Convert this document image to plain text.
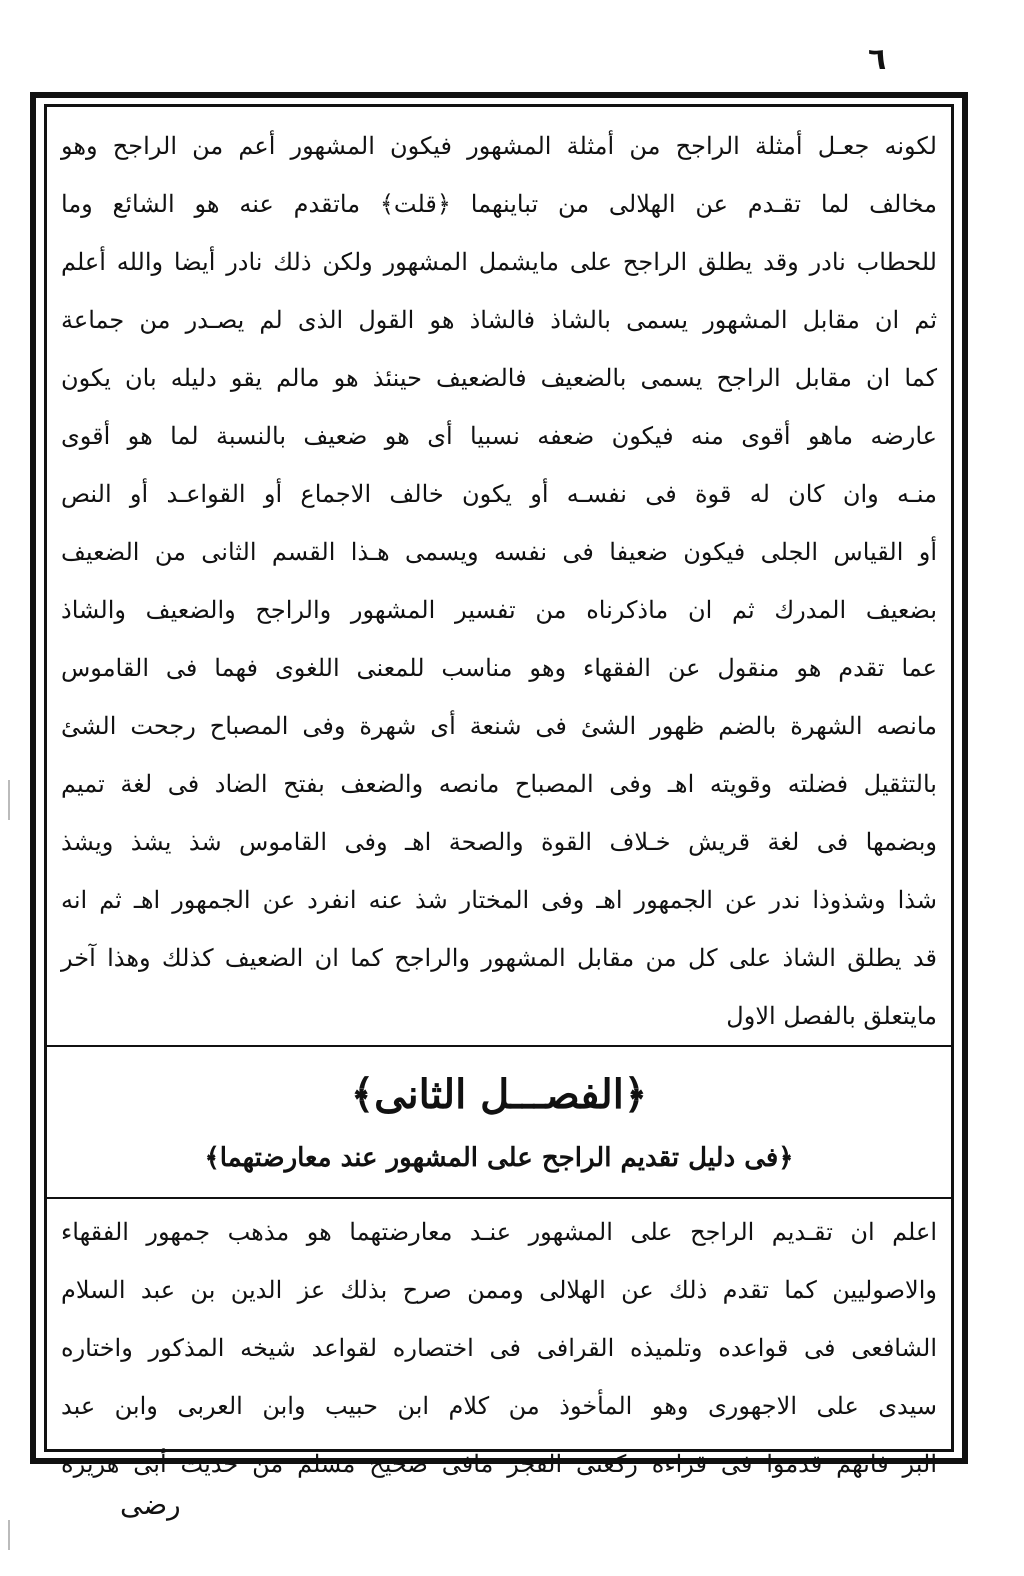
٦
لكونه جعـل أمثلة الراجح من أمثلة المشهور فيكون المشهور أعم من الراجح وهو
مخالف لما تقـدم عن الهلالى من تباينهما ﴿قلت﴾ ماتقدم عنه هو الشائع وما
للحطاب نادر وقد يطلق الراجح على مايشمل المشهور ولكن ذلك نادر أيضا والله أعلم
ثم ان مقابل المشهور يسمى بالشاذ فالشاذ هو القول الذى لم يصـدر من جماعة
كما ان مقابل الراجح يسمى بالضعيف فالضعيف حينئذ هو مالم يقو دليله بان يكون
عارضه ماهو أقوى منه فيكون ضعفه نسبيا أى هو ضعيف بالنسبة لما هو أقوى
منـه وان كان له قوة فى نفسـه أو يكون خالف الاجماع أو القواعـد أو النص
أو القياس الجلى فيكون ضعيفا فى نفسه ويسمى هـذا القسم الثانى من الضعيف
بضعيف المدرك ثم ان ماذكرناه من تفسير المشهور والراجح والضعيف والشاذ
عما تقدم هو منقول عن الفقهاء وهو مناسب للمعنى اللغوى فهما فى القاموس
مانصه الشهرة بالضم ظهور الشئ فى شنعة أى شهرة وفى المصباح رجحت الشئ
بالتثقيل فضلته وقويته اهـ وفى المصباح مانصه والضعف بفتح الضاد فى لغة تميم
وبضمها فى لغة قريش خـلاف القوة والصحة اهـ وفى القاموس شذ يشذ ويشذ
شذا وشذوذا ندر عن الجمهور اهـ وفى المختار شذ عنه انفرد عن الجمهور اهـ ثم انه
قد يطلق الشاذ على كل من مقابل المشهور والراجح كما ان الضعيف كذلك وهذا آخر
مايتعلق بالفصل الاول
﴿الفصـــل الثانى﴾
﴿فى دليل تقديم الراجح على المشهور عند معارضتهما﴾
اعلم ان تقـديم الراجح على المشهور عنـد معارضتهما هو مذهب جمهور الفقهاء
والاصوليين كما تقدم ذلك عن الهلالى وممن صرح بذلك عز الدين بن عبد السلام
الشافعى فى قواعده وتلميذه القرافى فى اختصاره لقواعد شيخه المذكور واختاره
سيدى على الاجهورى وهو المأخوذ من كلام ابن حبيب وابن العربى وابن عبد
البر فانهم قدموا فى قراءة ركعتى الفجر مافى صحيح مسلم من حديث أبى هريرة
رضى
